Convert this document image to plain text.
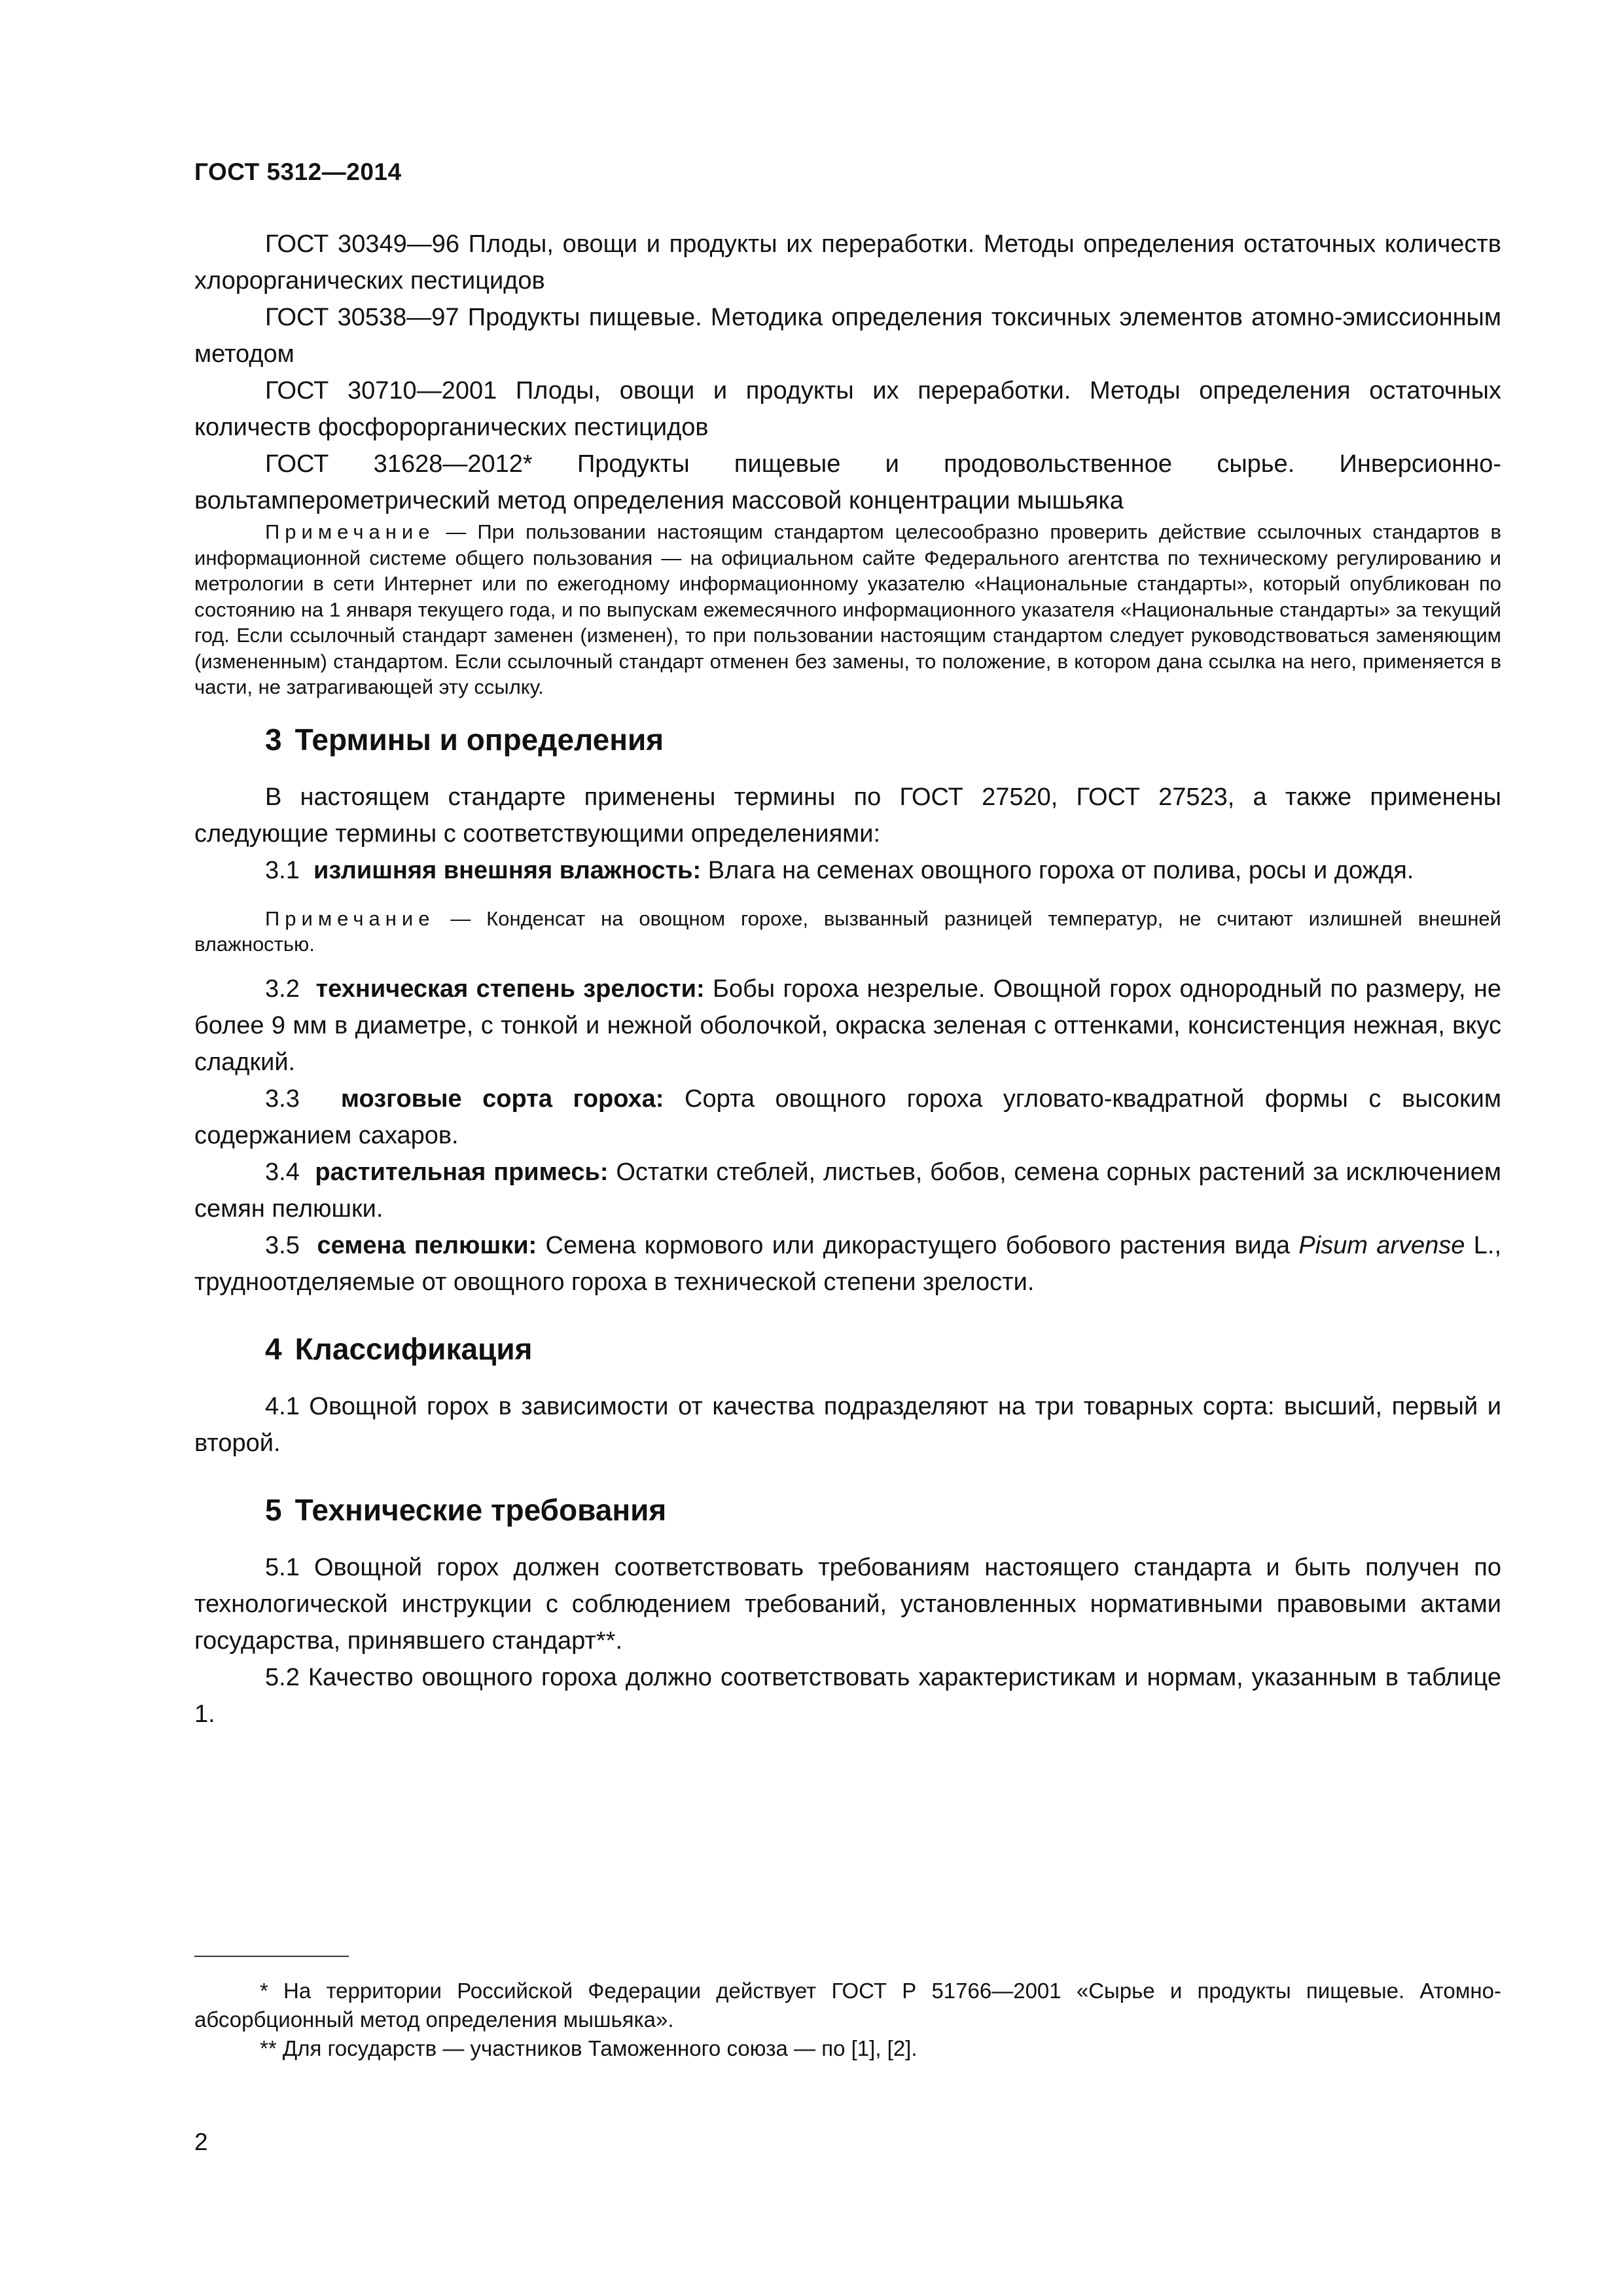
ГОСТ 5312—2014

ГОСТ 30349—96 Плоды, овощи и продукты их переработки. Методы определения остаточных количеств хлорорганических пестицидов

ГОСТ 30538—97 Продукты пищевые. Методика определения токсичных элементов атомно-эмиссионным методом

ГОСТ 30710—2001 Плоды, овощи и продукты их переработки. Методы определения остаточных количеств фосфорорганических пестицидов

ГОСТ 31628—2012* Продукты пищевые и продовольственное сырье. Инверсионно-вольтамперометрический метод определения массовой концентрации мышьяка

Примечание — При пользовании настоящим стандартом целесообразно проверить действие ссылочных стандартов в информационной системе общего пользования — на официальном сайте Федерального агентства по техническому регулированию и метрологии в сети Интернет или по ежегодному информационному указателю «Национальные стандарты», который опубликован по состоянию на 1 января текущего года, и по выпускам ежемесячного информационного указателя «Национальные стандарты» за текущий год. Если ссылочный стандарт заменен (изменен), то при пользовании настоящим стандартом следует руководствоваться заменяющим (измененным) стандартом. Если ссылочный стандарт отменен без замены, то положение, в котором дана ссылка на него, применяется в части, не затрагивающей эту ссылку.

3 Термины и определения

В настоящем стандарте применены термины по ГОСТ 27520, ГОСТ 27523, а также применены следующие термины с соответствующими определениями:

3.1 излишняя внешняя влажность: Влага на семенах овощного гороха от полива, росы и дождя.

Примечание — Конденсат на овощном горохе, вызванный разницей температур, не считают излишней внешней влажностью.

3.2 техническая степень зрелости: Бобы гороха незрелые. Овощной горох однородный по размеру, не более 9 мм в диаметре, с тонкой и нежной оболочкой, окраска зеленая с оттенками, консистенция нежная, вкус сладкий.

3.3 мозговые сорта гороха: Сорта овощного гороха угловато-квадратной формы с высоким содержанием сахаров.

3.4 растительная примесь: Остатки стеблей, листьев, бобов, семена сорных растений за исключением семян пелюшки.

3.5 семена пелюшки: Семена кормового или дикорастущего бобового растения вида Pisum arvense L., трудноотделяемые от овощного гороха в технической степени зрелости.

4 Классификация

4.1 Овощной горох в зависимости от качества подразделяют на три товарных сорта: высший, первый и второй.

5 Технические требования

5.1 Овощной горох должен соответствовать требованиям настоящего стандарта и быть получен по технологической инструкции с соблюдением требований, установленных нормативными правовыми актами государства, принявшего стандарт**.

5.2 Качество овощного гороха должно соответствовать характеристикам и нормам, указанным в таблице 1.

* На территории Российской Федерации действует ГОСТ Р 51766—2001 «Сырье и продукты пищевые. Атомно-абсорбционный метод определения мышьяка».

** Для государств — участников Таможенного союза — по [1], [2].

2
